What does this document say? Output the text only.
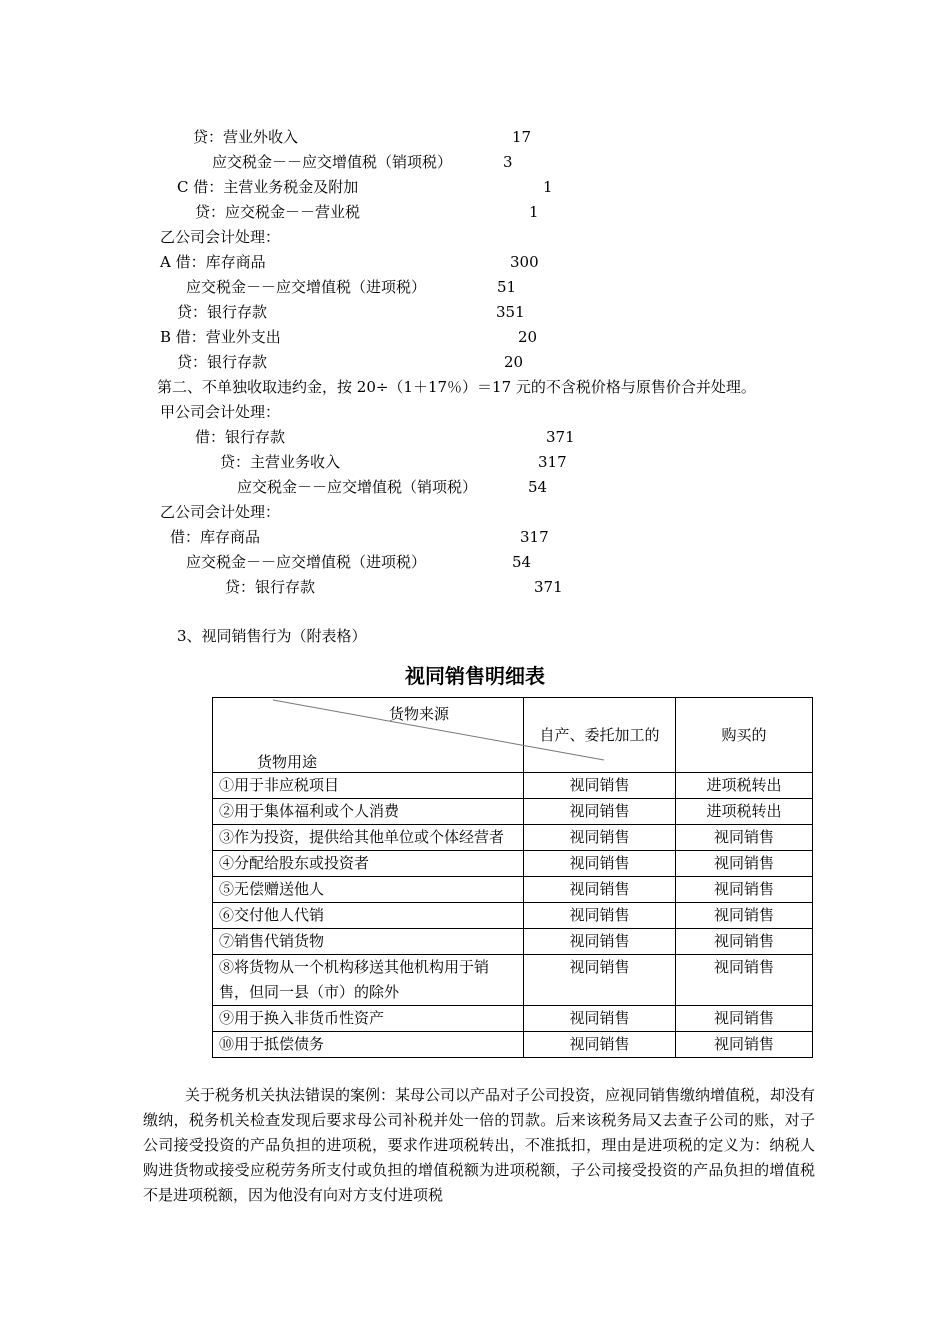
贷：营业外收入	17
应交税金－－应交增值税（销项税）	3
C 借：主营业务税金及附加	1
贷：应交税金－－营业税	1
乙公司会计处理：
A 借：库存商品	300
应交税金－－应交增值税（进项税）	51
贷：银行存款	351
B 借：营业外支出	20
贷：银行存款	20
第二、不单独收取违约金，按 20÷（1＋17％）＝17 元的不含税价格与原售价合并处理。
甲公司会计处理：
借：银行存款	371
贷：主营业务收入	317
应交税金－－应交增值税（销项税）	54
乙公司会计处理：
借：库存商品	317
应交税金－－应交增值税（进项税）	54
贷：银行存款	371
3、视同销售行为（附表格）
视同销售明细表
货物来源
货物用途	自产、委托加工的	购买的
①用于非应税项目	视同销售	进项税转出
②用于集体福利或个人消费	视同销售	进项税转出
③作为投资，提供给其他单位或个体经营者	视同销售	视同销售
④分配给股东或投资者	视同销售	视同销售
⑤无偿赠送他人	视同销售	视同销售
⑥交付他人代销	视同销售	视同销售
⑦销售代销货物	视同销售	视同销售
⑧将货物从一个机构移送其他机构用于销售，但同一县（市）的除外	视同销售	视同销售
⑨用于换入非货币性资产	视同销售	视同销售
⑩用于抵偿债务	视同销售	视同销售
关于税务机关执法错误的案例：某母公司以产品对子公司投资，应视同销售缴纳增值税，却没有缴纳，税务机关检查发现后要求母公司补税并处一倍的罚款。后来该税务局又去查子公司的账，对子公司接受投资的产品负担的进项税，要求作进项税转出，不准抵扣，理由是进项税的定义为：纳税人购进货物或接受应税劳务所支付或负担的增值税额为进项税额，子公司接受投资的产品负担的增值税不是进项税额，因为他没有向对方支付进项税
